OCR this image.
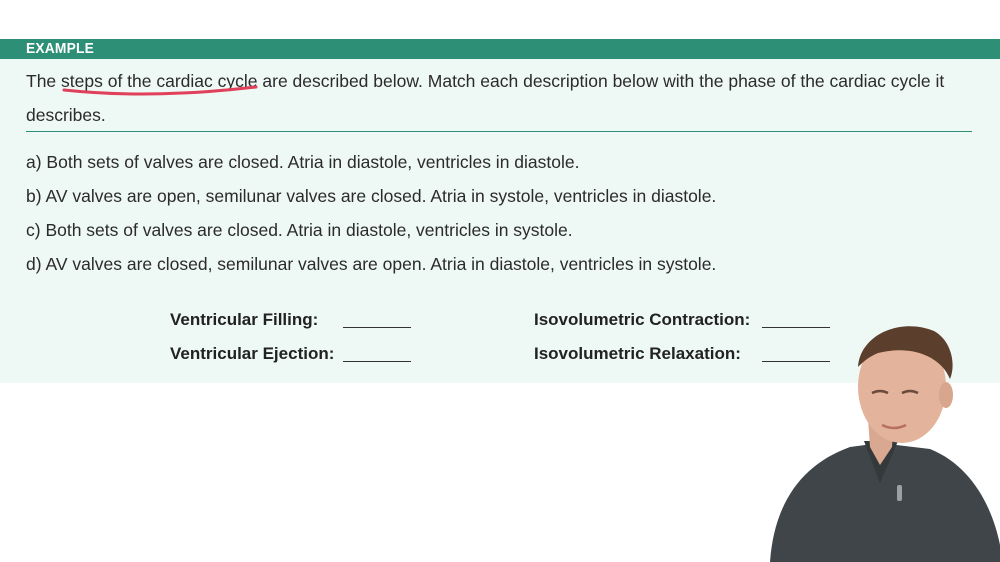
EXAMPLE
The steps of the cardiac cycle are described below. Match each description below with the phase of the cardiac cycle it describes.
a) Both sets of valves are closed. Atria in diastole, ventricles in diastole.
b) AV valves are open, semilunar valves are closed. Atria in systole, ventricles in diastole.
c) Both sets of valves are closed. Atria in diastole, ventricles in systole.
d) AV valves are closed, semilunar valves are open. Atria in diastole, ventricles in systole.
Ventricular Filling:
Ventricular Ejection:
Isovolumetric Contraction:
Isovolumetric Relaxation:
